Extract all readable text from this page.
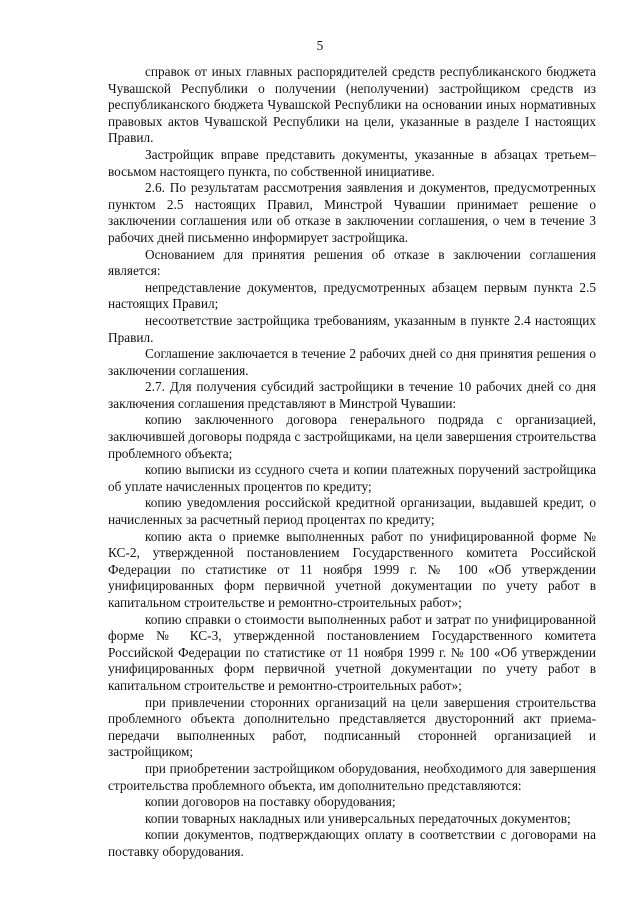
5

справок от иных главных распорядителей средств республиканского бюджета Чувашской Республики о получении (неполучении) застройщиком средств из республиканского бюджета Чувашской Республики на основании иных нормативных правовых актов Чувашской Республики на цели, указанные в разделе I настоящих Правил.

Застройщик вправе представить документы, указанные в абзацах третьем–восьмом настоящего пункта, по собственной инициативе.

2.6. По результатам рассмотрения заявления и документов, предусмотренных пунктом 2.5 настоящих Правил, Минстрой Чувашии принимает решение о заключении соглашения или об отказе в заключении соглашения, о чем в течение 3 рабочих дней письменно информирует застройщика.

Основанием для принятия решения об отказе в заключении соглашения является:

непредставление документов, предусмотренных абзацем первым пункта 2.5 настоящих Правил;

несоответствие застройщика требованиям, указанным в пункте 2.4 настоящих Правил.

Соглашение заключается в течение 2 рабочих дней со дня принятия решения о заключении соглашения.

2.7. Для получения субсидий застройщики в течение 10 рабочих дней со дня заключения соглашения представляют в Минстрой Чувашии:

копию заключенного договора генерального подряда с организацией, заключившей договоры подряда с застройщиками, на цели завершения строительства проблемного объекта;

копию выписки из ссудного счета и копии платежных поручений застройщика об уплате начисленных процентов по кредиту;

копию уведомления российской кредитной организации, выдавшей кредит, о начисленных за расчетный период процентах по кредиту;

копию акта о приемке выполненных работ по унифицированной форме № КС-2, утвержденной постановлением Государственного комитета Российской Федерации по статистике от 11 ноября 1999 г. № 100 «Об утверждении унифицированных форм первичной учетной документации по учету работ в капитальном строительстве и ремонтно-строительных работ»;

копию справки о стоимости выполненных работ и затрат по унифицированной форме № КС-3, утвержденной постановлением Государственного комитета Российской Федерации по статистике от 11 ноября 1999 г. № 100 «Об утверждении унифицированных форм первичной учетной документации по учету работ в капитальном строительстве и ремонтно-строительных работ»;

при привлечении сторонних организаций на цели завершения строительства проблемного объекта дополнительно представляется двусторонний акт приема-передачи выполненных работ, подписанный сторонней организацией и застройщиком;

при приобретении застройщиком оборудования, необходимого для завершения строительства проблемного объекта, им дополнительно представляются:

копии договоров на поставку оборудования;

копии товарных накладных или универсальных передаточных документов;

копии документов, подтверждающих оплату в соответствии с договорами на поставку оборудования.
